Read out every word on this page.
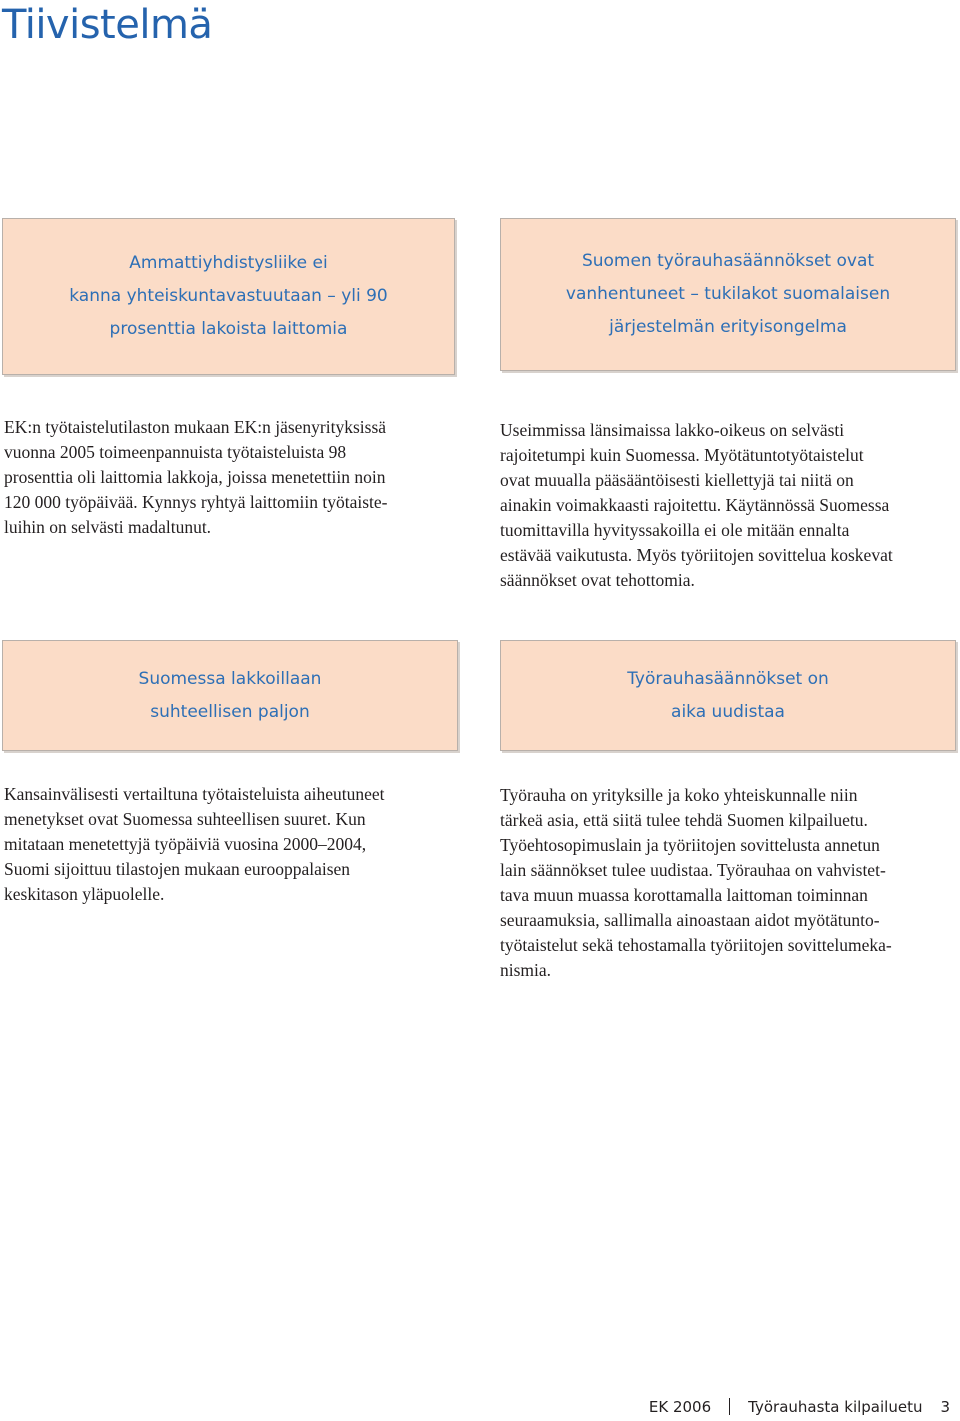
Tiivistelmä
Ammattiyhdistysliike ei
kanna yhteiskuntavastuutaan – yli 90
prosenttia lakoista laittomia
Suomen työrauhasäännökset ovat
vanhentuneet – tukilakot suomalaisen
järjestelmän erityisongelma

EK:n työtaistelutilaston mukaan EK:n jäsenyrityksissä
vuonna 2005 toimeenpannuista työtaisteluista 98
prosenttia oli laittomia lakkoja, joissa menetettiin noin
120 000 työpäivää. Kynnys ryhtyä laittomiin työtaiste-
luihin on selvästi madaltunut.

Useimmissa länsimaissa lakko-oikeus on selvästi
rajoitetumpi kuin Suomessa. Myötätuntotyötaistelut
ovat muualla pääsääntöisesti kiellettyjä tai niitä on
ainakin voimakkaasti rajoitettu. Käytännössä Suomessa
tuomittavilla hyvityssakoilla ei ole mitään ennalta
estävää vaikutusta. Myös työriitojen sovittelua koskevat
säännökset ovat tehottomia.

Suomessa lakkoillaan
suhteellisen paljon
Työrauhasäännökset on
aika uudistaa

Kansainvälisesti vertailtuna työtaisteluista aiheutuneet
menetykset ovat Suomessa suhteellisen suuret. Kun
mitataan menetettyjä työpäiviä vuosina 2000–2004,
Suomi sijoittuu tilastojen mukaan eurooppalaisen
keskitason yläpuolelle.

Työrauha on yrityksille ja koko yhteiskunnalle niin
tärkeä asia, että siitä tulee tehdä Suomen kilpailuetu.
Työehtosopimuslain ja työriitojen sovittelusta annetun
lain säännökset tulee uudistaa. Työrauhaa on vahvistet-
tava muun muassa korottamalla laittoman toiminnan
seuraamuksia, sallimalla ainoastaan aidot myötätunto-
työtaistelut sekä tehostamalla työriitojen sovittelumeka-
nismia.

EK 2006 Työrauhasta kilpailuetu 3
